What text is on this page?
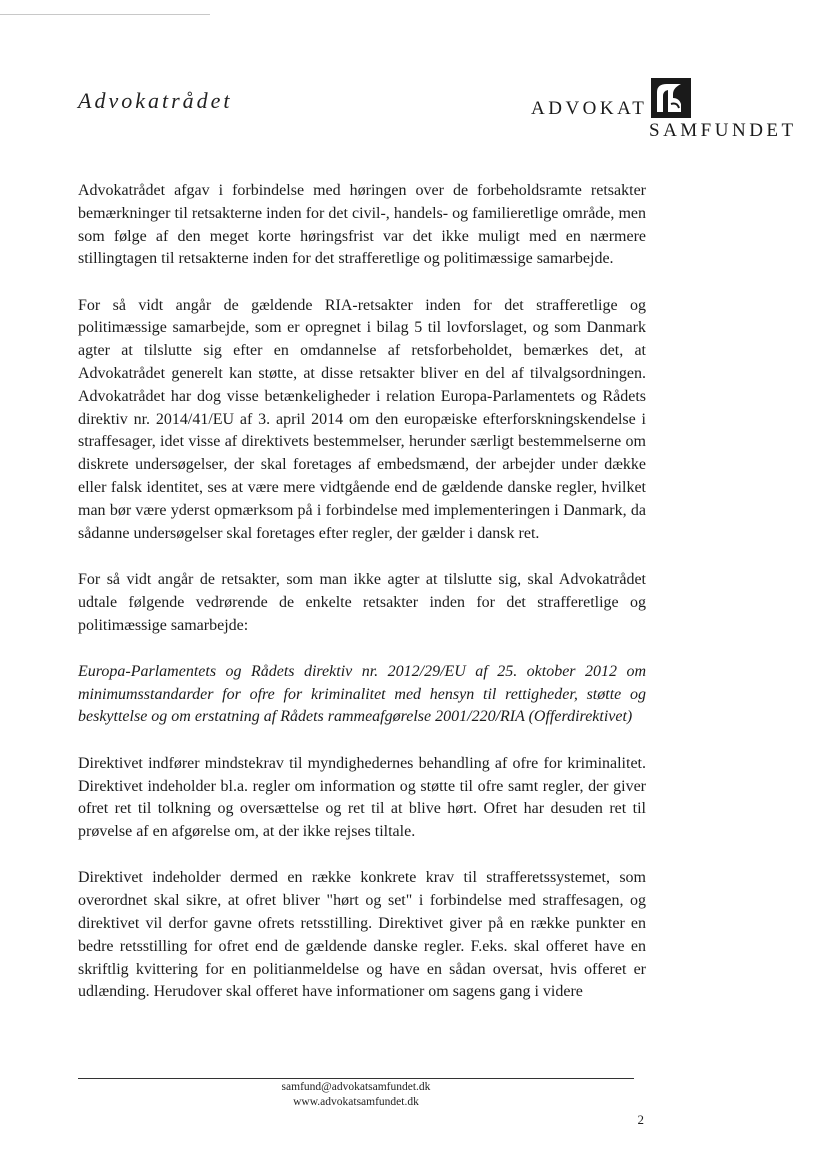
Advokatrådet	ADVOKAT
SAMFUNDET

Advokatrådet afgav i forbindelse med høringen over de forbeholdsramte retsakter bemærkninger til retsakterne inden for det civil-, handels- og familieretlige område, men som følge af den meget korte høringsfrist var det ikke muligt med en nærmere stillingtagen til retsakterne inden for det strafferetlige og politimæssige samarbejde.

For så vidt angår de gældende RIA-retsakter inden for det strafferetlige og politimæssige samarbejde, som er opregnet i bilag 5 til lovforslaget, og som Danmark agter at tilslutte sig efter en omdannelse af retsforbeholdet, bemærkes det, at Advokatrådet generelt kan støtte, at disse retsakter bliver en del af tilvalgsordningen. Advokatrådet har dog visse betænkeligheder i relation Europa-Parlamentets og Rådets direktiv nr. 2014/41/EU af 3. april 2014 om den europæiske efterforskningskendelse i straffesager, idet visse af direktivets bestemmelser, herunder særligt bestemmelserne om diskrete undersøgelser, der skal foretages af embedsmænd, der arbejder under dække eller falsk identitet, ses at være mere vidtgående end de gældende danske regler, hvilket man bør være yderst opmærksom på i forbindelse med implementeringen i Danmark, da sådanne undersøgelser skal foretages efter regler, der gælder i dansk ret.

For så vidt angår de retsakter, som man ikke agter at tilslutte sig, skal Advokatrådet udtale følgende vedrørende de enkelte retsakter inden for det strafferetlige og politimæssige samarbejde:

Europa-Parlamentets og Rådets direktiv nr. 2012/29/EU af 25. oktober 2012 om minimumsstandarder for ofre for kriminalitet med hensyn til rettigheder, støtte og beskyttelse og om erstatning af Rådets rammeafgørelse 2001/220/RIA (Offerdirektivet)

Direktivet indfører mindstekrav til myndighedernes behandling af ofre for kriminalitet. Direktivet indeholder bl.a. regler om information og støtte til ofre samt regler, der giver ofret ret til tolkning og oversættelse og ret til at blive hørt. Ofret har desuden ret til prøvelse af en afgørelse om, at der ikke rejses tiltale.

Direktivet indeholder dermed en række konkrete krav til strafferetssystemet, som overordnet skal sikre, at ofret bliver "hørt og set" i forbindelse med straffesagen, og direktivet vil derfor gavne ofrets retsstilling. Direktivet giver på en række punkter en bedre retsstilling for ofret end de gældende danske regler. F.eks. skal offeret have en skriftlig kvittering for en politianmeldelse og have en sådan oversat, hvis offeret er udlænding. Herudover skal offeret have informationer om sagens gang i videre

samfund@advokatsamfundet.dk
www.advokatsamfundet.dk
2
